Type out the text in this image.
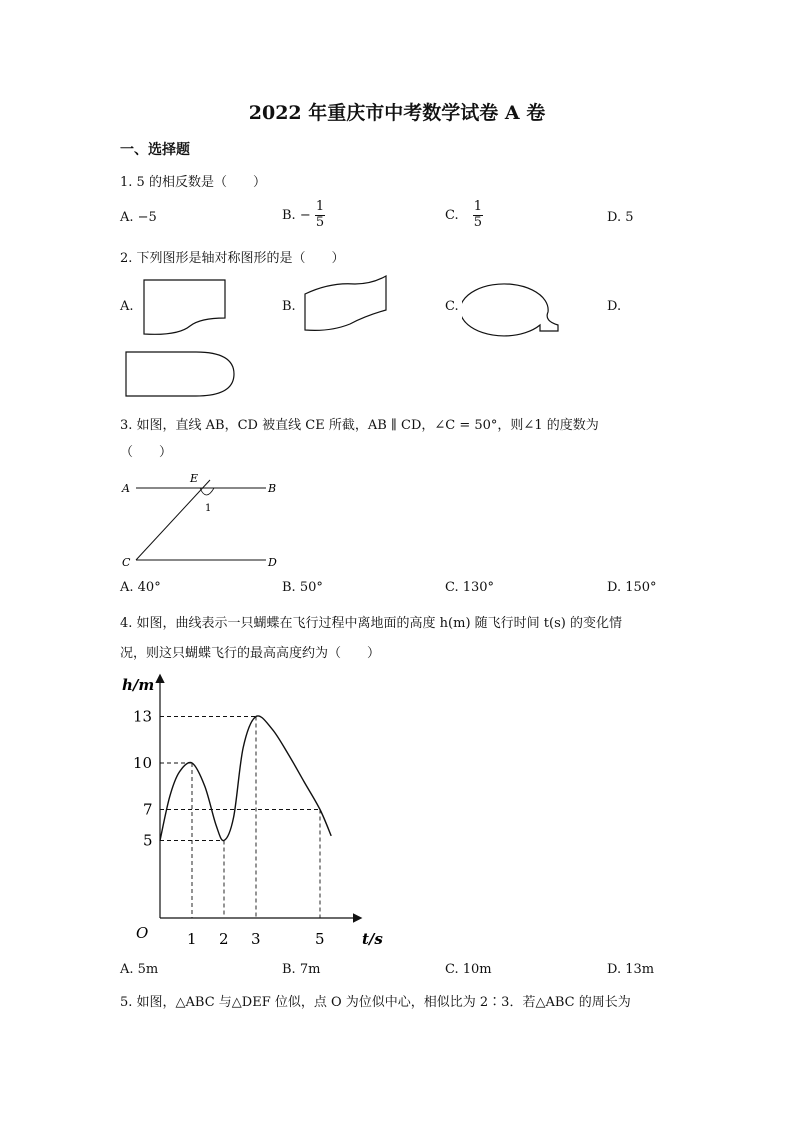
2022 年重庆市中考数学试卷 A 卷
一、选择题
1. 5 的相反数是（　　）
A. −5	B. − $\frac{1}{5}$	C. $\frac{1}{5}$	D. 5
2. 下列图形是轴对称图形的是（　　）
A.	B.	C.	D.
3. 如图，直线 AB，CD 被直线 CE 所截，AB ∥ CD，∠C = 50°，则∠1 的度数为
（　　）
A	B
C	D
E
1
A. 40°	B. 50°	C. 130°	D. 150°
4. 如图，曲线表示一只蝴蝶在飞行过程中离地面的高度 h(m) 随飞行时间 t(s) 的变化情
况，则这只蝴蝶飞行的最高高度约为（　　）
1 2 3	5
5
7
10
13
h/m
t/s
O
A. 5m	B. 7m	C. 10m	D. 13m
5. 如图，△ABC 与△DEF 位似，点 O 为位似中心，相似比为 2∶3．若△ABC 的周长为
